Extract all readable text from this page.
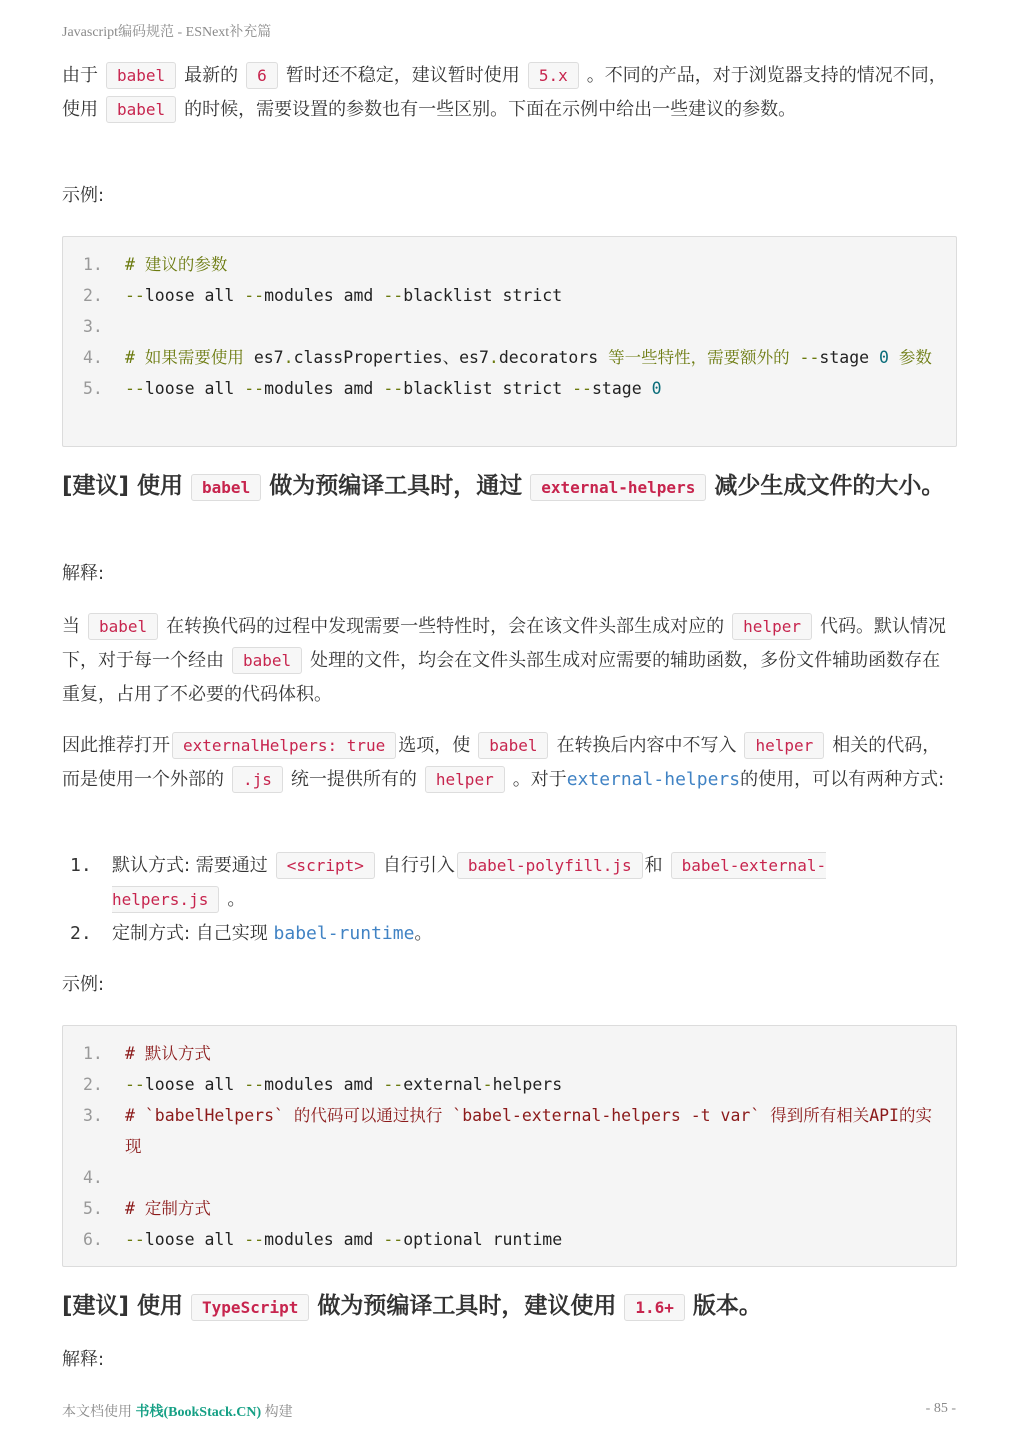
Javascript编码规范 - ESNext补充篇

由于 babel 最新的 6 暂时还不稳定，建议暂时使用 5.x 。不同的产品，对于浏览器支持的情况不同，使用 babel 的时候，需要设置的参数也有一些区别。下面在示例中给出一些建议的参数。

示例:

1.	# 建议的参数
2.	--loose all --modules amd --blacklist strict
3.
4.	# 如果需要使用 es7.classProperties、es7.decorators 等一些特性，需要额外的 --stage 0 参数
5.	--loose all --modules amd --blacklist strict --stage 0
[建议] 使用 babel 做为预编译工具时，通过 external-helpers 减少生成文件的大小。

解释:

当 babel 在转换代码的过程中发现需要一些特性时，会在该文件头部生成对应的 helper 代码。默认情况下，对于每一个经由 babel 处理的文件，均会在文件头部生成对应需要的辅助函数，多份文件辅助函数存在重复，占用了不必要的代码体积。

因此推荐打开 externalHelpers: true 选项，使 babel 在转换后内容中不写入 helper 相关的代码，而是使用一个外部的 .js 统一提供所有的 helper 。对于external-helpers的使用，可以有两种方式:

1. 默认方式: 需要通过 <script> 自行引入 babel-polyfill.js 和 babel-external-helpers.js 。
2. 定制方式: 自己实现 babel-runtime。

示例:

1.	# 默认方式
2.	--loose all --modules amd --external-helpers
3.	# `babelHelpers` 的代码可以通过执行 `babel-external-helpers -t var` 得到所有相关API的实现
4.
5.	# 定制方式
6.	--loose all --modules amd --optional runtime
[建议] 使用 TypeScript 做为预编译工具时，建议使用 1.6+ 版本。

解释:

本文档使用 书栈(BookStack.CN) 构建	- 85 -
